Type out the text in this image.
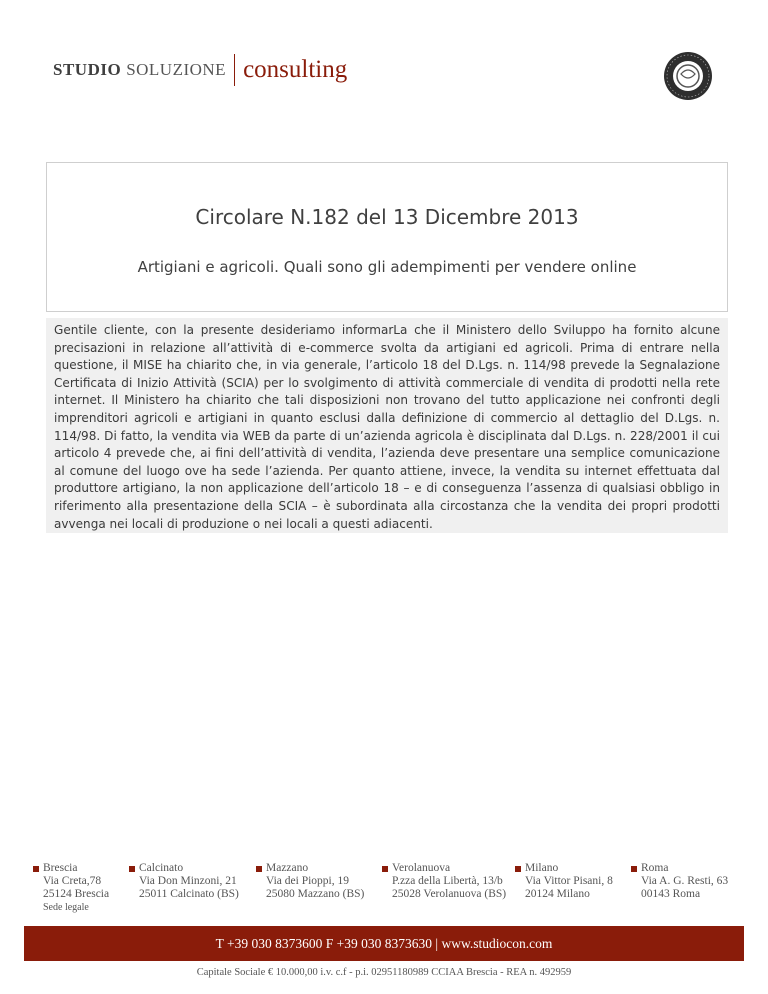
STUDIO SOLUZIONE consulting
Circolare N.182 del 13 Dicembre 2013
Artigiani e agricoli. Quali sono gli adempimenti per vendere online

Gentile cliente, con la presente desideriamo informarLa che il Ministero dello Sviluppo ha fornito alcune precisazioni in relazione all’attività di e-commerce svolta da artigiani ed agricoli. Prima di entrare nella questione, il MISE ha chiarito che, in via generale, l’articolo 18 del D.Lgs. n. 114/98 prevede la Segnalazione Certificata di Inizio Attività (SCIA) per lo svolgimento di attività commerciale di vendita di prodotti nella rete internet. Il Ministero ha chiarito che tali disposizioni non trovano del tutto applicazione nei confronti degli imprenditori agricoli e artigiani in quanto esclusi dalla definizione di commercio al dettaglio del D.Lgs. n. 114/98. Di fatto, la vendita via WEB da parte di un’azienda agricola è disciplinata dal D.Lgs. n. 228/2001 il cui articolo 4 prevede che, ai fini dell’attività di vendita, l’azienda deve presentare una semplice comunicazione al comune del luogo ove ha sede l’azienda. Per quanto attiene, invece, la vendita su internet effettuata dal produttore artigiano, la non applicazione dell’articolo 18 – e di conseguenza l’assenza di qualsiasi obbligo in riferimento alla presentazione della SCIA – è subordinata alla circostanza che la vendita dei propri prodotti avvenga nei locali di produzione o nei locali a questi adiacenti.

Brescia
Via Creta,78
25124 Brescia
Sede legale
Calcinato
Via Don Minzoni, 21
25011 Calcinato (BS)
Mazzano
Via dei Pioppi, 19
25080 Mazzano (BS)
Verolanuova
P.zza della Libertà, 13/b
25028 Verolanuova (BS)
Milano
Via Vittor Pisani, 8
20124 Milano
Roma
Via A. G. Resti, 63
00143 Roma
T +39 030 8373600 F +39 030 8373630 | www.studiocon.com
Capitale Sociale € 10.000,00 i.v. c.f - p.i. 02951180989 CCIAA Brescia - REA n. 492959
